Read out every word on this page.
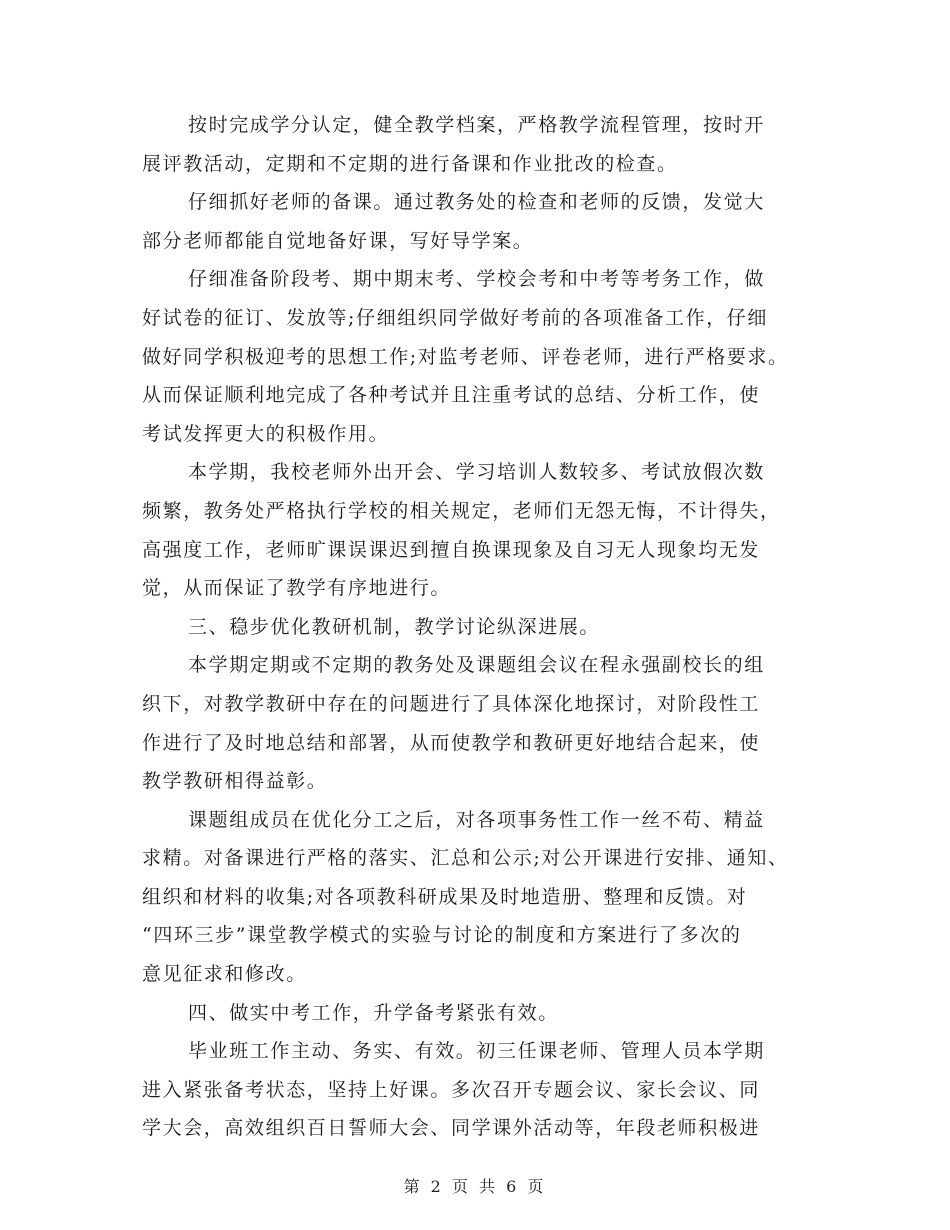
按时完成学分认定，健全教学档案，严格教学流程管理，按时开
展评教活动，定期和不定期的进行备课和作业批改的检查。

仔细抓好老师的备课。通过教务处的检查和老师的反馈，发觉大
部分老师都能自觉地备好课，写好导学案。

仔细准备阶段考、期中期末考、学校会考和中考等考务工作，做
好试卷的征订、发放等;仔细组织同学做好考前的各项准备工作，仔细
做好同学积极迎考的思想工作;对监考老师、评卷老师，进行严格要求。
从而保证顺利地完成了各种考试并且注重考试的总结、分析工作，使
考试发挥更大的积极作用。

本学期，我校老师外出开会、学习培训人数较多、考试放假次数
频繁，教务处严格执行学校的相关规定，老师们无怨无悔，不计得失，
高强度工作，老师旷课误课迟到擅自换课现象及自习无人现象均无发
觉，从而保证了教学有序地进行。

三、稳步优化教研机制，教学讨论纵深进展。

本学期定期或不定期的教务处及课题组会议在程永强副校长的组
织下，对教学教研中存在的问题进行了具体深化地探讨，对阶段性工
作进行了及时地总结和部署，从而使教学和教研更好地结合起来，使
教学教研相得益彰。

课题组成员在优化分工之后，对各项事务性工作一丝不苟、精益
求精。对备课进行严格的落实、汇总和公示;对公开课进行安排、通知、
组织和材料的收集;对各项教科研成果及时地造册、整理和反馈。对
“四环三步”课堂教学模式的实验与讨论的制度和方案进行了多次的
意见征求和修改。

四、做实中考工作，升学备考紧张有效。

毕业班工作主动、务实、有效。初三任课老师、管理人员本学期
进入紧张备考状态，坚持上好课。多次召开专题会议、家长会议、同
学大会，高效组织百日誓师大会、同学课外活动等，年段老师积极进

第 2 页 共 6 页
